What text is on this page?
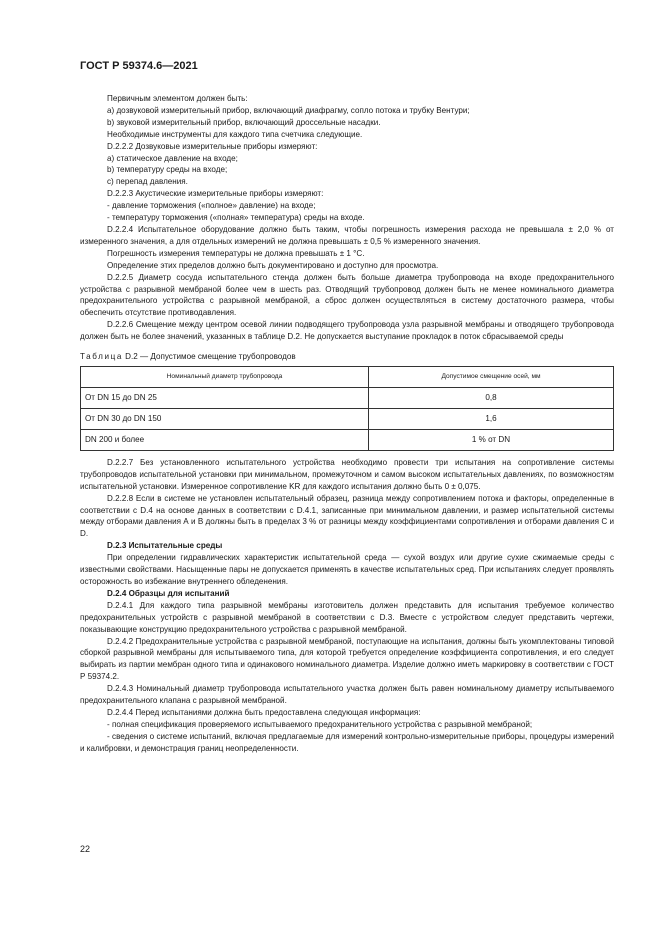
ГОСТ Р 59374.6—2021

Первичным элементом должен быть:

a) дозвуковой измерительный прибор, включающий диафрагму, сопло потока и трубку Вентури;

b) звуковой измерительный прибор, включающий дроссельные насадки.

Необходимые инструменты для каждого типа счетчика следующие.

D.2.2.2 Дозвуковые измерительные приборы измеряют:

a) статическое давление на входе;

b) температуру среды на входе;

c) перепад давления.

D.2.2.3 Акустические измерительные приборы измеряют:

- давление торможения («полное» давление) на входе;

- температуру торможения («полная» температура) среды на входе.

D.2.2.4 Испытательное оборудование должно быть таким, чтобы погрешность измерения расхода не превышала ± 2,0 % от измеренного значения, а для отдельных измерений не должна превышать ± 0,5 % измеренного значения.

Погрешность измерения температуры не должна превышать ± 1 °С.

Определение этих пределов должно быть документировано и доступно для просмотра.

D.2.2.5 Диаметр сосуда испытательного стенда должен быть больше диаметра трубопровода на входе предохранительного устройства с разрывной мембраной более чем в шесть раз. Отводящий трубопровод должен быть не менее номинального диаметра предохранительного устройства с разрывной мембраной, а сброс должен осуществляться в систему достаточного размера, чтобы обеспечить отсутствие противодавления.

D.2.2.6 Смещение между центром осевой линии подводящего трубопровода узла разрывной мембраны и отводящего трубопровода должен быть не более значений, указанных в таблице D.2. Не допускается выступание прокладок в поток сбрасываемой среды

Таблица D.2 — Допустимое смещение трубопроводов

Номинальный диаметр трубопровода	Допустимое смещение осей, мм
От DN 15 до DN 25	0,8
От DN 30 до DN 150	1,6
DN 200 и более	1 % от DN

D.2.2.7 Без установленного испытательного устройства необходимо провести три испытания на сопротивление системы трубопроводов испытательной установки при минимальном, промежуточном и самом высоком испытательных давлениях, по возможностям испытательной установки. Измеренное сопротивление KR для каждого испытания должно быть 0 ± 0,075.

D.2.2.8 Если в системе не установлен испытательный образец, разница между сопротивлением потока и факторы, определенные в соответствии с D.4 на основе данных в соответствии с D.4.1, записанные при минимальном давлении, и размер испытательной системы между отборами давления А и В должны быть в пределах 3 % от разницы между коэффициентами сопротивления и отборами давления С и D.

D.2.3 Испытательные среды

При определении гидравлических характеристик испытательной среда — сухой воздух или другие сухие сжимаемые среды с известными свойствами. Насыщенные пары не допускается применять в качестве испытательных сред. При испытаниях следует проявлять осторожность во избежание внутреннего обледенения.

D.2.4 Образцы для испытаний

D.2.4.1 Для каждого типа разрывной мембраны изготовитель должен представить для испытания требуемое количество предохранительных устройств с разрывной мембраной в соответствии с D.3. Вместе с устройством следует представить чертежи, показывающие конструкцию предохранительного устройства с разрывной мембраной.

D.2.4.2 Предохранительные устройства с разрывной мембраной, поступающие на испытания, должны быть укомплектованы типовой сборкой разрывной мембраны для испытываемого типа, для которой требуется определение коэффициента сопротивления, и его следует выбирать из партии мембран одного типа и одинакового номинального диаметра. Изделие должно иметь маркировку в соответствии с ГОСТ Р 59374.2.

D.2.4.3 Номинальный диаметр трубопровода испытательного участка должен быть равен номинальному диаметру испытываемого предохранительного клапана с разрывной мембраной.

D.2.4.4 Перед испытаниями должна быть предоставлена следующая информация:

- полная спецификация проверяемого испытываемого предохранительного устройства с разрывной мембраной;

- сведения о системе испытаний, включая предлагаемые для измерений контрольно-измерительные приборы, процедуры измерений и калибровки, и демонстрация границ неопределенности.

22
